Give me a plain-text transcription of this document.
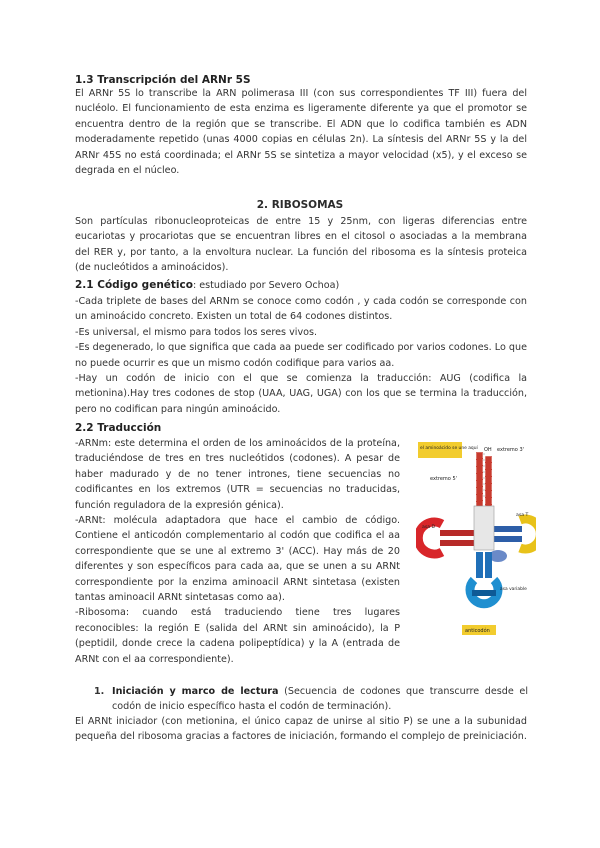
1.3 Transcripción del ARNr 5S

El ARNr 5S lo transcribe la ARN polimerasa III (con sus correspondientes TF III) fuera del nucléolo. El funcionamiento de esta enzima es ligeramente diferente ya que el promotor se encuentra dentro de la región que se transcribe. El ADN que lo codifica también es ADN moderadamente repetido (unas 4000 copias en células 2n). La síntesis del ARNr 5S y la del ARNr 45S no está coordinada; el ARNr 5S se sintetiza a mayor velocidad (x5), y el exceso se degrada en el núcleo.

2. RIBOSOMAS

Son partículas ribonucleoproteicas de entre 15 y 25nm, con ligeras diferencias entre eucariotas y procariotas que se encuentran libres en el citosol o asociadas a la membrana del RER y, por tanto, a la envoltura nuclear. La función del ribosoma es la síntesis proteica (de nucleótidos a aminoácidos).

2.1 Código genético: estudiado por Severo Ochoa)

-Cada triplete de bases del ARNm se conoce como codón , y cada codón se corresponde con un aminoácido concreto. Existen un total de 64 codones distintos.

-Es universal, el mismo para todos los seres vivos.

-Es degenerado, lo que significa que cada aa puede ser codificado por varios codones. Lo que no puede ocurrir es que un mismo codón codifique para varios aa.

-Hay un codón de inicio con el que se comienza la traducción: AUG (codifica la metionina).Hay tres codones de stop (UAA, UAG, UGA) con los que se termina la traducción, pero no codifican para ningún aminoácido.

2.2 Traducción

-ARNm: este determina el orden de los aminoácidos de la proteína, traduciéndose de tres en tres nucleótidos (codones). A pesar de haber madurado y de no tener intrones, tiene secuencias no codificantes en los extremos (UTR = secuencias no traducidas, función reguladora de la expresión génica).

-ARNt: molécula adaptadora que hace el cambio de código. Contiene el anticodón complementario al codón que codifica el aa correspondiente que se une al extremo 3' (ACC). Hay más de 20 diferentes y son específicos para cada aa, que se unen a su ARNt correspondiente por la enzima aminoacil ARNt sintetasa (existen tantas aminoacil ARNt sintetasas como aa).

-Ribosoma: cuando está traduciendo tiene tres lugares reconocibles: la región E (salida del ARNt sin aminoácido), la P (peptidil, donde crece la cadena polipeptídica) y la A (entrada de ARNt con el aa correspondiente).

el aminoácido se une aquí OH extremo 3'
extremo 5'
asa D
asa T
asa variable
anticodón
1. Iniciación y marco de lectura (Secuencia de codones que transcurre desde el codón de inicio específico hasta el codón de terminación).

El ARNt iniciador (con metionina, el único capaz de unirse al sitio P) se une a la subunidad pequeña del ribosoma gracias a factores de iniciación, formando el complejo de preiniciación.
